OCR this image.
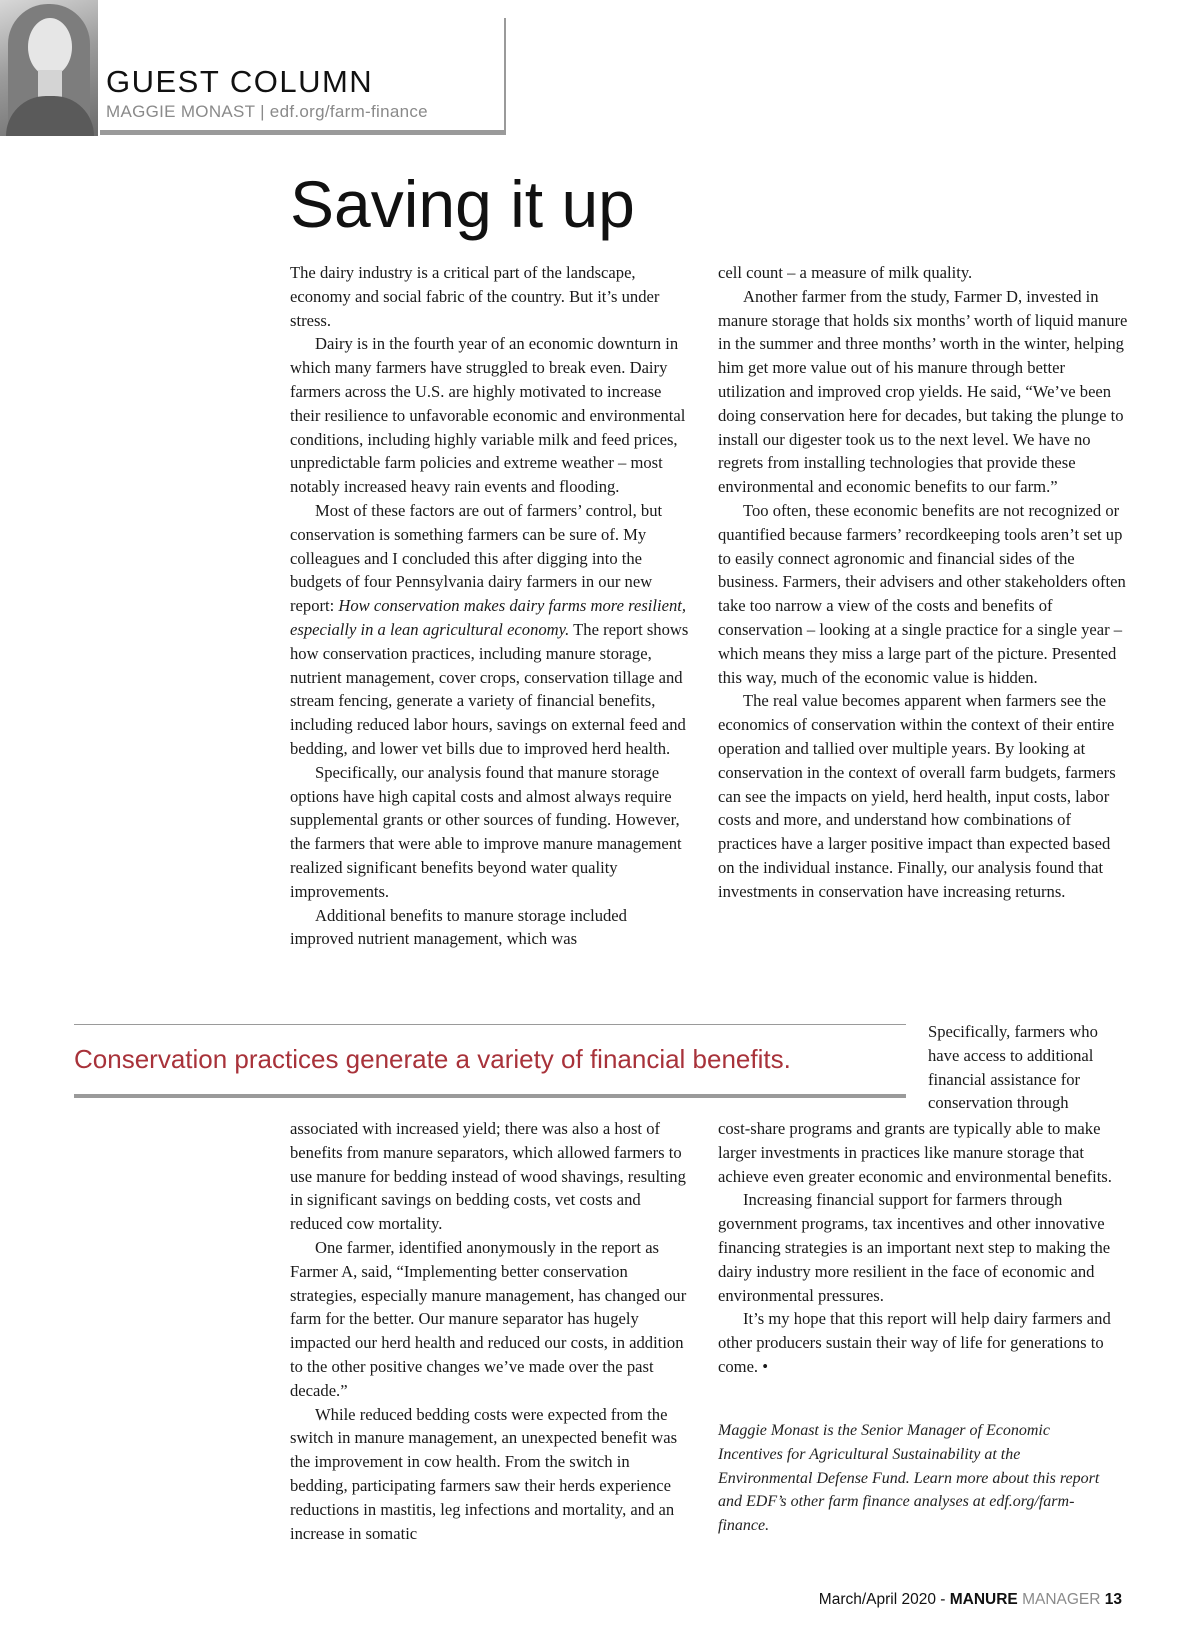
GUEST COLUMN
MAGGIE MONAST | edf.org/farm-finance
Saving it up

The dairy industry is a critical part of the landscape, economy and social fabric of the country. But it’s under stress.

Dairy is in the fourth year of an economic downturn in which many farmers have struggled to break even. Dairy farmers across the U.S. are highly motivated to increase their resilience to unfavorable economic and environmental conditions, including highly variable milk and feed prices, unpredictable farm policies and extreme weather – most notably increased heavy rain events and flooding.

Most of these factors are out of farmers’ control, but conservation is something farmers can be sure of. My colleagues and I concluded this after digging into the budgets of four Pennsylvania dairy farmers in our new report: How conservation makes dairy farms more resilient, especially in a lean agricultural economy. The report shows how conservation practices, including manure storage, nutrient management, cover crops, conservation tillage and stream fencing, generate a variety of financial benefits, including reduced labor hours, savings on external feed and bedding, and lower vet bills due to improved herd health.

Specifically, our analysis found that manure storage options have high capital costs and almost always require supplemental grants or other sources of funding. However, the farmers that were able to improve manure management realized significant benefits beyond water quality improvements.

Additional benefits to manure storage included improved nutrient management, which was

cell count – a measure of milk quality.

Another farmer from the study, Farmer D, invested in manure storage that holds six months’ worth of liquid manure in the summer and three months’ worth in the winter, helping him get more value out of his manure through better utilization and improved crop yields. He said, “We’ve been doing conservation here for decades, but taking the plunge to install our digester took us to the next level. We have no regrets from installing technologies that provide these environmental and economic benefits to our farm.”

Too often, these economic benefits are not recognized or quantified because farmers’ recordkeeping tools aren’t set up to easily connect agronomic and financial sides of the business. Farmers, their advisers and other stakeholders often take too narrow a view of the costs and benefits of conservation – looking at a single practice for a single year – which means they miss a large part of the picture. Presented this way, much of the economic value is hidden.

The real value becomes apparent when farmers see the economics of conservation within the context of their entire operation and tallied over multiple years. By looking at conservation in the context of overall farm budgets, farmers can see the impacts on yield, herd health, input costs, labor costs and more, and understand how combinations of practices have a larger positive impact than expected based on the individual instance. Finally, our analysis found that investments in conservation have increasing returns.

Conservation practices generate a variety of financial benefits.
Specifically, farmers who have access to additional financial assistance for conservation through

associated with increased yield; there was also a host of benefits from manure separators, which allowed farmers to use manure for bedding instead of wood shavings, resulting in significant savings on bedding costs, vet costs and reduced cow mortality.

One farmer, identified anonymously in the report as Farmer A, said, “Implementing better conservation strategies, especially manure management, has changed our farm for the better. Our manure separator has hugely impacted our herd health and reduced our costs, in addition to the other positive changes we’ve made over the past decade.”

While reduced bedding costs were expected from the switch in manure management, an unexpected benefit was the improvement in cow health. From the switch in bedding, participating farmers saw their herds experience reductions in mastitis, leg infections and mortality, and an increase in somatic

cost-share programs and grants are typically able to make larger investments in practices like manure storage that achieve even greater economic and environmental benefits.

Increasing financial support for farmers through government programs, tax incentives and other innovative financing strategies is an important next step to making the dairy industry more resilient in the face of economic and environmental pressures.

It’s my hope that this report will help dairy farmers and other producers sustain their way of life for generations to come. •

Maggie Monast is the Senior Manager of Economic Incentives for Agricultural Sustainability at the Environmental Defense Fund. Learn more about this report and EDF’s other farm finance analyses at edf.org/farm-finance.

March/April 2020 - MANURE MANAGER 13
